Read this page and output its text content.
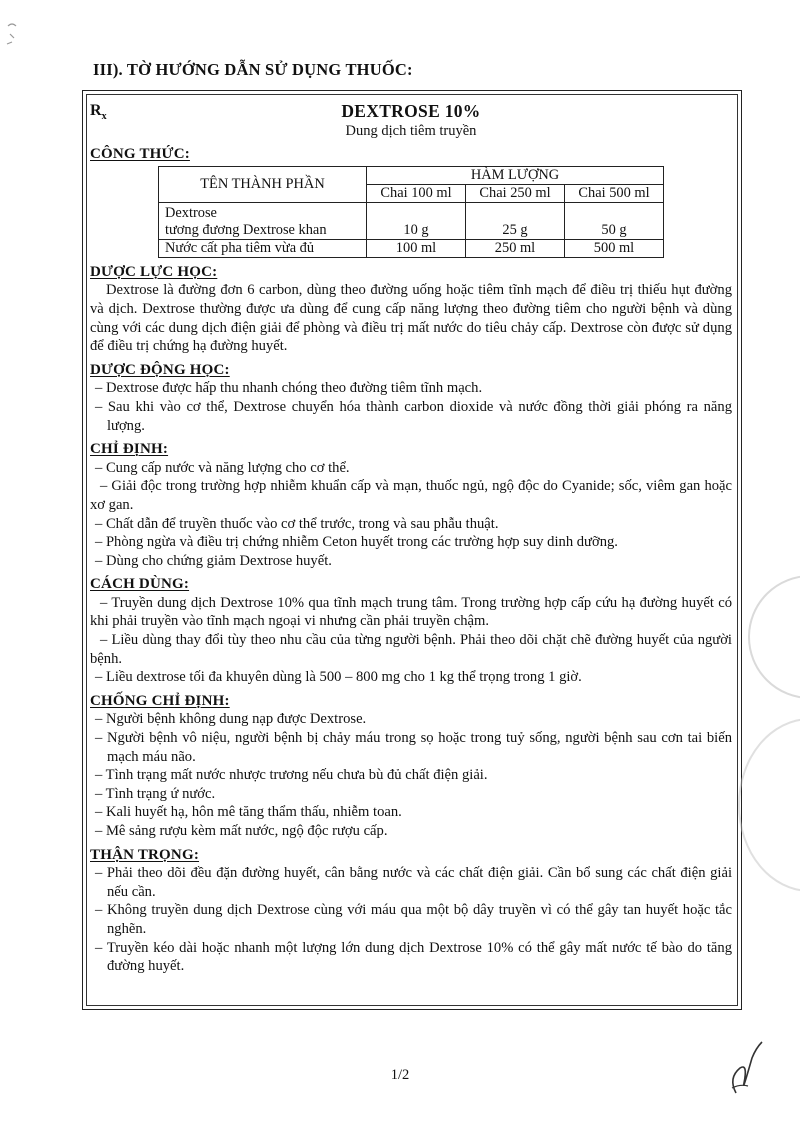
III). TỜ HƯỚNG DẪN SỬ DỤNG THUỐC:
$R_x$	DEXTROSE 10%
Dung dịch tiêm truyền
CÔNG THỨC:
TÊN THÀNH PHẦN	HÀM LƯỢNG		
	Chai 100 ml	Chai 250 ml	Chai 500 ml

Dextrose
tương đương Dextrose khan	10 g	25 g	50 g
Nước cất pha tiêm vừa đủ	100 ml	250 ml	500 ml
DƯỢC LỰC HỌC:
Dextrose là đường đơn 6 carbon, dùng theo đường uống hoặc tiêm tĩnh mạch để điều trị thiếu hụt đường và dịch. Dextrose thường được ưa dùng để cung cấp năng lượng theo đường tiêm cho người bệnh và dùng cùng với các dung dịch điện giải để phòng và điều trị mất nước do tiêu chảy cấp. Dextrose còn được sử dụng để điều trị chứng hạ đường huyết.
DƯỢC ĐỘNG HỌC:
– Dextrose được hấp thu nhanh chóng theo đường tiêm tĩnh mạch.
– Sau khi vào cơ thể, Dextrose chuyển hóa thành carbon dioxide và nước đồng thời giải phóng ra năng lượng.
CHỈ ĐỊNH:
– Cung cấp nước và năng lượng cho cơ thể.
– Giải độc trong trường hợp nhiễm khuẩn cấp và mạn, thuốc ngủ, ngộ độc do Cyanide; sốc, viêm gan hoặc xơ gan.
– Chất dẫn để truyền thuốc vào cơ thể trước, trong và sau phẫu thuật.
– Phòng ngừa và điều trị chứng nhiễm Ceton huyết trong các trường hợp suy dinh dưỡng.
– Dùng cho chứng giảm Dextrose huyết.
CÁCH DÙNG:
– Truyền dung dịch Dextrose 10% qua tĩnh mạch trung tâm. Trong trường hợp cấp cứu hạ đường huyết có khi phải truyền vào tĩnh mạch ngoại vi nhưng cần phải truyền chậm.
– Liều dùng thay đổi tùy theo nhu cầu của từng người bệnh. Phải theo dõi chặt chẽ đường huyết của người bệnh.
– Liều dextrose tối đa khuyên dùng là 500 – 800 mg cho 1 kg thể trọng trong 1 giờ.
CHỐNG CHỈ ĐỊNH:
– Người bệnh không dung nạp được Dextrose.
– Người bệnh vô niệu, người bệnh bị chảy máu trong sọ hoặc trong tuỷ sống, người bệnh sau cơn tai biến mạch máu não.
– Tình trạng mất nước nhược trương nếu chưa bù đủ chất điện giải.
– Tình trạng ứ nước.
– Kali huyết hạ, hôn mê tăng thẩm thấu, nhiễm toan.
– Mê sảng rượu kèm mất nước, ngộ độc rượu cấp.
THẬN TRỌNG:
– Phải theo dõi đều đặn đường huyết, cân bằng nước và các chất điện giải. Cần bổ sung các chất điện giải nếu cần.
– Không truyền dung dịch Dextrose cùng với máu qua một bộ dây truyền vì có thể gây tan huyết hoặc tắc nghẽn.
– Truyền kéo dài hoặc nhanh một lượng lớn dung dịch Dextrose 10% có thể gây mất nước tế bào do tăng đường huyết.
1/2
